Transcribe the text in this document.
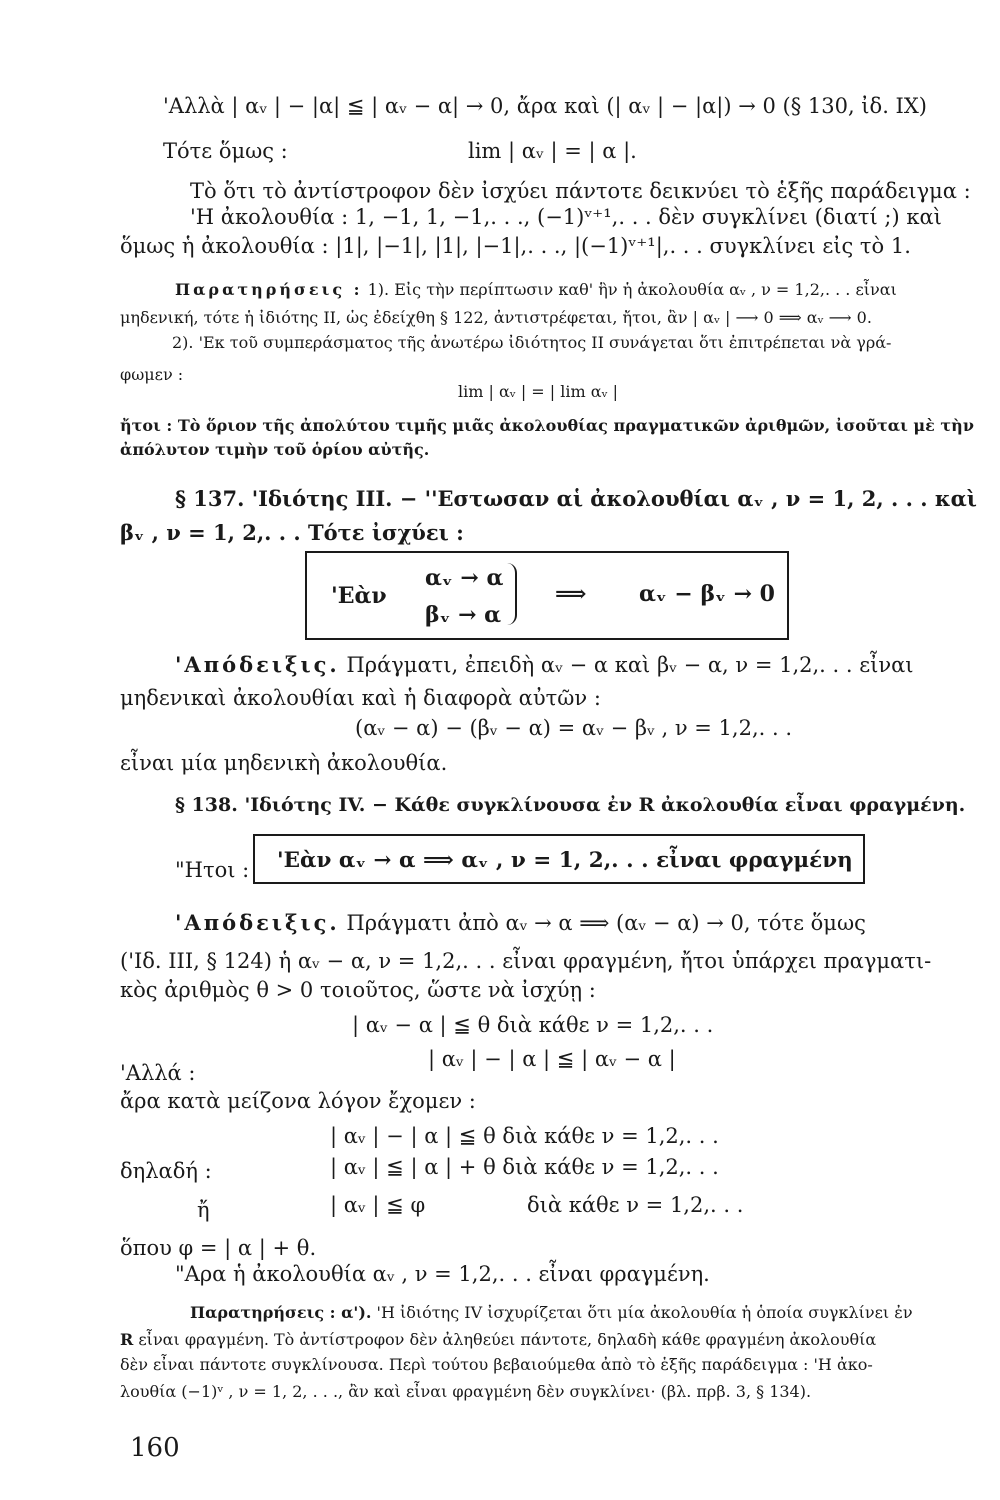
'Αλλὰ | αᵥ | − |α| ≦ | αᵥ − α| → 0, ἄρα καὶ (| αᵥ | − |α|) → 0 (§ 130, ἰδ. IX)
Τότε ὅμως :	lim | αᵥ | = | α |.
Τὸ ὅτι τὸ ἀντίστροφον δὲν ἰσχύει πάντοτε δεικνύει τὸ ἑξῆς παράδειγμα :
'Η ἀκολουθία : 1, −1, 1, −1,. . ., (−1)ᵛ⁺¹,. . . δὲν συγκλίνει (διατί ;) καὶ
ὅμως ἡ ἀκολουθία : |1|, |−1|, |1|, |−1|,. . ., |(−1)ᵛ⁺¹|,. . . συγκλίνει εἰς τὸ 1.
Παρατηρήσεις : 1). Εἰς τὴν περίπτωσιν καθ' ἣν ἡ ἀκολουθία αᵥ , ν = 1,2,. . . εἶναι
μηδενική, τότε ἡ ἰδιότης II, ὡς ἐδείχθη § 122, ἀντιστρέφεται, ἤτοι, ἂν | αᵥ | ⟶ 0 ⟹ αᵥ ⟶ 0.
2). 'Εκ τοῦ συμπεράσματος τῆς ἀνωτέρω ἰδιότητος II συνάγεται ὅτι ἐπιτρέπεται νὰ γρά-
φωμεν :
lim | αᵥ | = | lim αᵥ |
ἤτοι : Τὸ ὅριον τῆς ἀπολύτου τιμῆς μιᾶς ἀκολουθίας πραγματικῶν ἀριθμῶν, ἰσοῦται μὲ τὴν
ἀπόλυτον τιμὴν τοῦ ὁρίου αὐτῆς.
§ 137. 'Ιδιότης III. − ''Εστωσαν αἱ ἀκολουθίαι αᵥ , ν = 1, 2, . . . καὶ
βᵥ , ν = 1, 2,. . . Τότε ἰσχύει :
'Εὰν
αᵥ → α
βᵥ → α
⟹ αᵥ − βᵥ → 0
'Απόδειξις. Πράγματι, ἐπειδὴ αᵥ − α καὶ βᵥ − α, ν = 1,2,. . . εἶναι
μηδενικαὶ ἀκολουθίαι καὶ ἡ διαφορὰ αὐτῶν :
(αᵥ − α) − (βᵥ − α) = αᵥ − βᵥ , ν = 1,2,. . .
εἶναι μία μηδενικὴ ἀκολουθία.
§ 138. 'Ιδιότης IV. − Κάθε συγκλίνουσα ἐν R ἀκολουθία εἶναι φραγμένη.
"Ητοι : 'Εὰν αᵥ → α ⟹ αᵥ , ν = 1, 2,. . . εἶναι φραγμένη
'Απόδειξις. Πράγματι ἀπὸ αᵥ → α ⟹ (αᵥ − α) → 0, τότε ὅμως
('Ιδ. III, § 124) ἡ αᵥ − α, ν = 1,2,. . . εἶναι φραγμένη, ἤτοι ὑπάρχει πραγματι-
κὸς ἀριθμὸς θ > 0 τοιοῦτος, ὥστε νὰ ἰσχύῃ :
| αᵥ − α | ≦ θ διὰ κάθε ν = 1,2,. . .
'Αλλά :
| αᵥ | − | α | ≦ | αᵥ − α |
ἄρα κατὰ μείζονα λόγον ἔχομεν :
| αᵥ | − | α | ≦ θ διὰ κάθε ν = 1,2,. . .
δηλαδή :	| αᵥ | ≦ | α | + θ διὰ κάθε ν = 1,2,. . .
ἤ	| αᵥ | ≦ φ	διὰ κάθε ν = 1,2,. . .
ὅπου φ = | α | + θ.
"Αρα ἡ ἀκολουθία αᵥ , ν = 1,2,. . . εἶναι φραγμένη.
Παρατηρήσεις : α'). 'Η ἰδιότης IV ἰσχυρίζεται ὅτι μία ἀκολουθία ἡ ὁποία συγκλίνει ἐν
R εἶναι φραγμένη. Τὸ ἀντίστροφον δὲν ἀληθεύει πάντοτε, δηλαδὴ κάθε φραγμένη ἀκολουθία
δὲν εἶναι πάντοτε συγκλίνουσα. Περὶ τούτου βεβαιούμεθα ἀπὸ τὸ ἑξῆς παράδειγμα : 'Η ἀκο-
λουθία (−1)ᵛ , ν = 1, 2, . . ., ἂν καὶ εἶναι φραγμένη δὲν συγκλίνει· (βλ. πρβ. 3, § 134).
160
